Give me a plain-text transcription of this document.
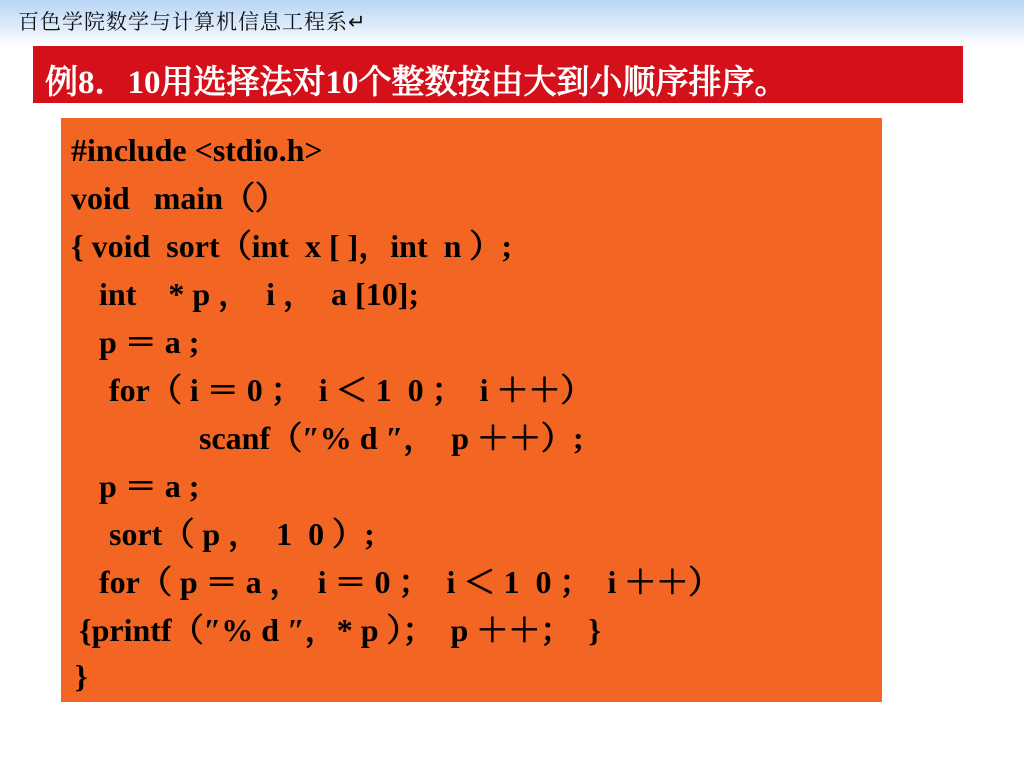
百色学院数学与计算机信息工程系↵
例8．10用选择法对10个整数按由大到小顺序排序。
#include <stdio.h>
void   main（）
{ void  sort（int  x [ ]，int  n ）;
int    * p ，  i ，  a [10];
p ＝ a ;
for（ i ＝ 0 ；  i ＜ 1  0 ；  i ＋＋）
scanf（″% d ″，  p ＋＋）;
p ＝ a ;
sort（ p ，  1  0 ）;
for（ p ＝ a ，  i ＝ 0 ；  i ＜ 1  0 ；  i ＋＋）
{printf（″% d ″，* p ）；  p ＋＋；  }
}
